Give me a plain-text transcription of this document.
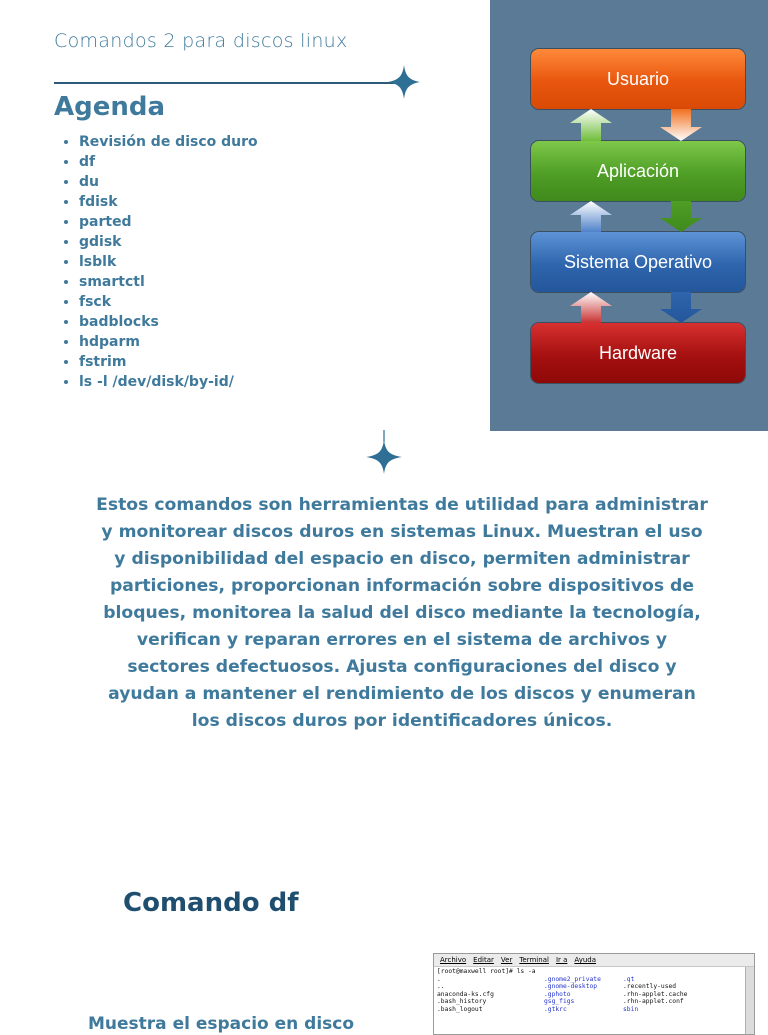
Comandos 2 para discos linux
Agenda
• Revisión de disco duro
• df
• du
• fdisk
• parted
• gdisk
• lsblk
• smartctl
• fsck
• badblocks
• hdparm
• fstrim
• ls -l /dev/disk/by-id/
Usuario
Aplicación
Sistema Operativo
Hardware

Estos comandos son herramientas de utilidad para administrar y monitorear discos duros en sistemas Linux. Muestran el uso y disponibilidad del espacio en disco, permiten administrar particiones, proporcionan información sobre dispositivos de bloques, monitorea la salud del disco mediante la tecnología, verifican y reparan errores en el sistema de archivos y sectores defectuosos. Ajusta configuraciones del disco y ayudan a mantener el rendimiento de los discos y enumeran los discos duros por identificadores únicos.

Comando df
Muestra el espacio en disco
Archivo Editar Ver Terminal Ir a Ayuda
[root@maxwell root]# ls -a
.	.gnome2_private	.qt
..	.gnome-desktop	.recently-used
anaconda-ks.cfg	.gphoto	.rhn-applet.cache
.bash_history	gsg_figs	.rhn-applet.conf
.bash_logout	.gtkrc	sbin
